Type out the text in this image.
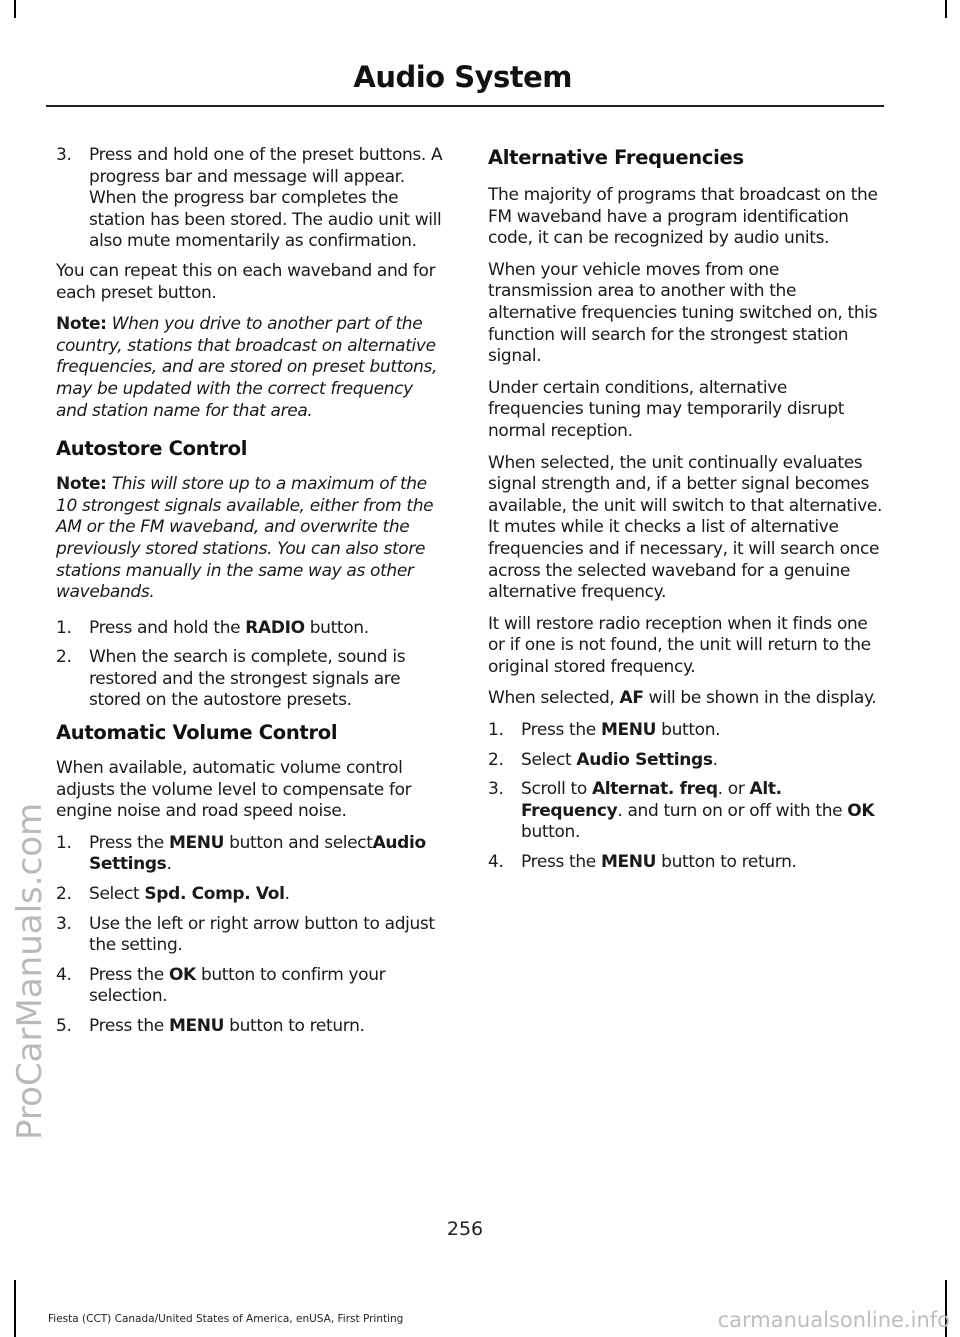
Audio System
3. Press and hold one of the preset buttons. A progress bar and message will appear. When the progress bar completes the station has been stored. The audio unit will also mute momentarily as confirmation.

You can repeat this on each waveband and for each preset button.

Note: When you drive to another part of the country, stations that broadcast on alternative frequencies, and are stored on preset buttons, may be updated with the correct frequency and station name for that area.

Autostore Control

Note: This will store up to a maximum of the 10 strongest signals available, either from the AM or the FM waveband, and overwrite the previously stored stations. You can also store stations manually in the same way as other wavebands.

1. Press and hold the RADIO button.
2. When the search is complete, sound is restored and the strongest signals are stored on the autostore presets.
Automatic Volume Control

When available, automatic volume control adjusts the volume level to compensate for engine noise and road speed noise.

1. Press the MENU button and selectAudio Settings.
2. Select Spd. Comp. Vol.
3. Use the left or right arrow button to adjust the setting.
4. Press the OK button to confirm your selection.
5. Press the MENU button to return.
Alternative Frequencies

The majority of programs that broadcast on the FM waveband have a program identification code, it can be recognized by audio units.

When your vehicle moves from one transmission area to another with the alternative frequencies tuning switched on, this function will search for the strongest station signal.

Under certain conditions, alternative frequencies tuning may temporarily disrupt normal reception.

When selected, the unit continually evaluates signal strength and, if a better signal becomes available, the unit will switch to that alternative. It mutes while it checks a list of alternative frequencies and if necessary, it will search once across the selected waveband for a genuine alternative frequency.

It will restore radio reception when it finds one or if one is not found, the unit will return to the original stored frequency.

When selected, AF will be shown in the display.

1. Press the MENU button.
2. Select Audio Settings.
3. Scroll to Alternat. freq. or Alt. Frequency. and turn on or off with the OK button.
4. Press the MENU button to return.
ProCarManuals.com
256
Fiesta (CCT) Canada/United States of America, enUSA, First Printing	carmanualsonline.info
